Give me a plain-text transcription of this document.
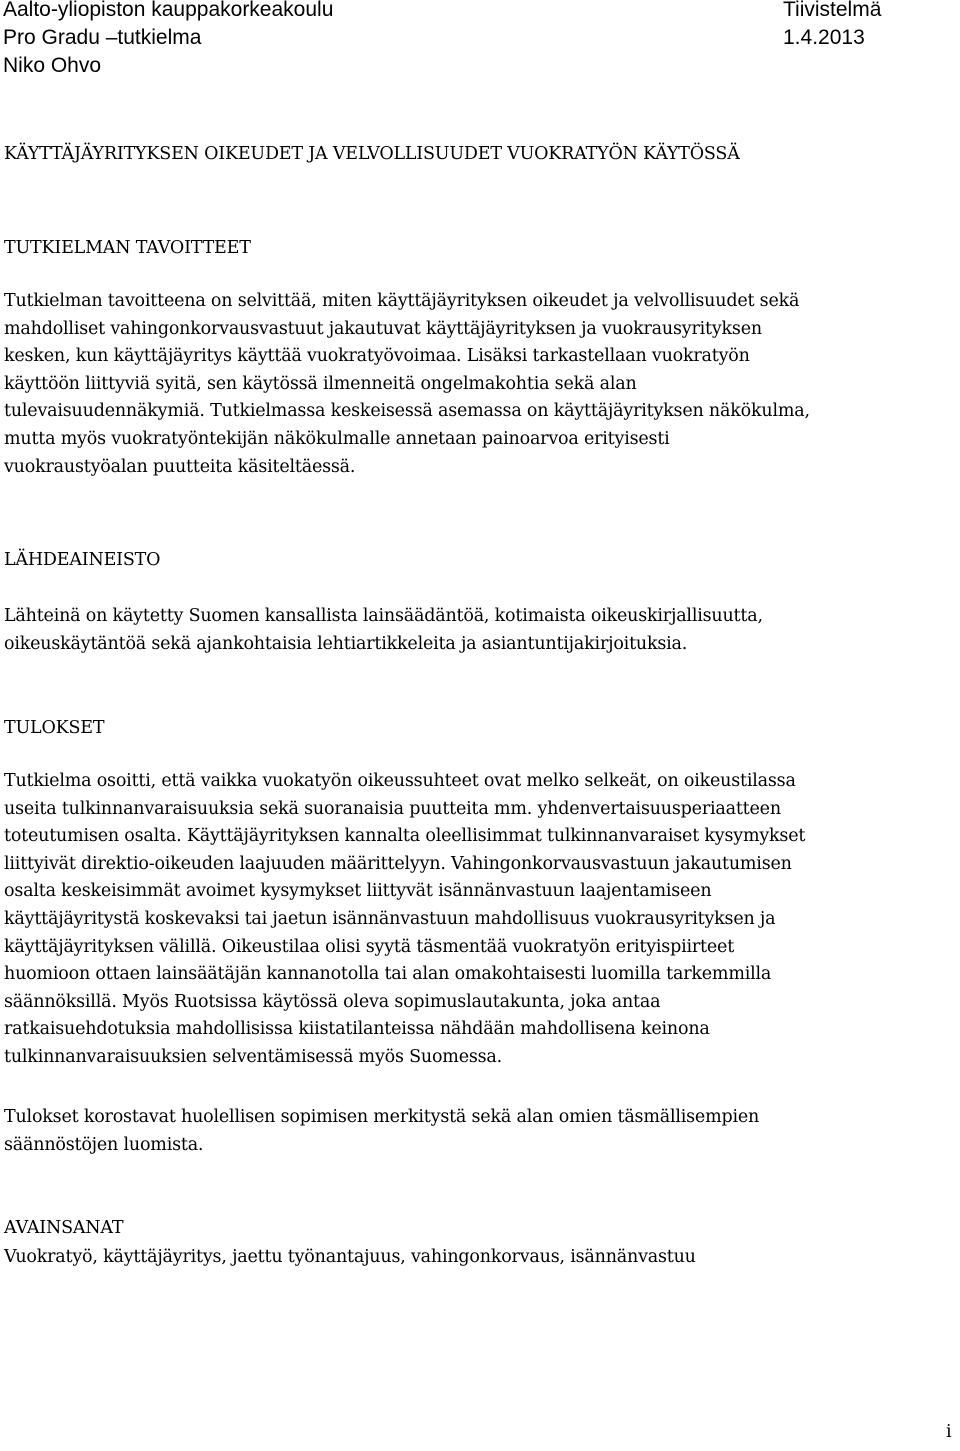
Aalto-yliopiston kauppakorkeakoulu	Tiivistelmä
Pro Gradu –tutkielma	1.4.2013
Niko Ohvo
KÄYTTÄJÄYRITYKSEN OIKEUDET JA VELVOLLISUUDET VUOKRATYÖN KÄYTÖSSÄ
TUTKIELMAN TAVOITTEET
Tutkielman tavoitteena on selvittää, miten käyttäjäyrityksen oikeudet ja velvollisuudet sekä
mahdolliset vahingonkorvausvastuut jakautuvat käyttäjäyrityksen ja vuokrausyrityksen
kesken, kun käyttäjäyritys käyttää vuokratyövoimaa. Lisäksi tarkastellaan vuokratyön
käyttöön liittyviä syitä, sen käytössä ilmenneitä ongelmakohtia sekä alan
tulevaisuudennäkymiä. Tutkielmassa keskeisessä asemassa on käyttäjäyrityksen näkökulma,
mutta myös vuokratyöntekijän näkökulmalle annetaan painoarvoa erityisesti
vuokraustyöalan puutteita käsiteltäessä.
LÄHDEAINEISTO
Lähteinä on käytetty Suomen kansallista lainsäädäntöä, kotimaista oikeuskirjallisuutta,
oikeuskäytäntöä sekä ajankohtaisia lehtiartikkeleita ja asiantuntijakirjoituksia.
TULOKSET
Tutkielma osoitti, että vaikka vuokatyön oikeussuhteet ovat melko selkeät, on oikeustilassa
useita tulkinnanvaraisuuksia sekä suoranaisia puutteita mm. yhdenvertaisuusperiaatteen
toteutumisen osalta. Käyttäjäyrityksen kannalta oleellisimmat tulkinnanvaraiset kysymykset
liittyivät direktio-oikeuden laajuuden määrittelyyn. Vahingonkorvausvastuun jakautumisen
osalta keskeisimmät avoimet kysymykset liittyvät isännänvastuun laajentamiseen
käyttäjäyritystä koskevaksi tai jaetun isännänvastuun mahdollisuus vuokrausyrityksen ja
käyttäjäyrityksen välillä. Oikeustilaa olisi syytä täsmentää vuokratyön erityispiirteet
huomioon ottaen lainsäätäjän kannanotolla tai alan omakohtaisesti luomilla tarkemmilla
säännöksillä. Myös Ruotsissa käytössä oleva sopimuslautakunta, joka antaa
ratkaisuehdotuksia mahdollisissa kiistatilanteissa nähdään mahdollisena keinona
tulkinnanvaraisuuksien selventämisessä myös Suomessa.
Tulokset korostavat huolellisen sopimisen merkitystä sekä alan omien täsmällisempien
säännöstöjen luomista.
AVAINSANAT
Vuokratyö, käyttäjäyritys, jaettu työnantajuus, vahingonkorvaus, isännänvastuu
i
